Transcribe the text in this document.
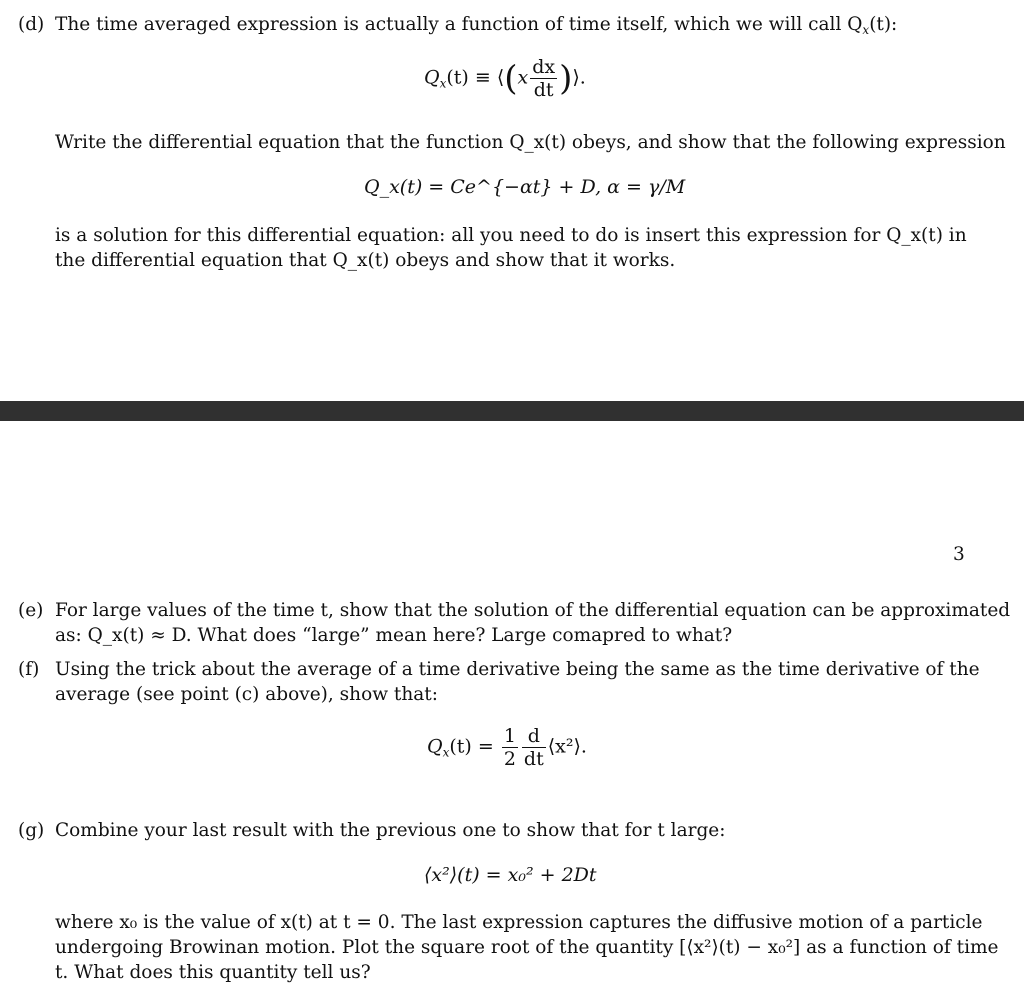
(d) The time averaged expression is actually a function of time itself, which we will call $Q_x(t)$:
$Q_x(t)$ ≡ ⟨(x $\frac{dx}{dt}$ )⟩.
Write the differential equation that the function Q_x(t) obeys, and show that the following expression
Q_x(t) = Ce^{−αt} + D, α = γ/M
is a solution for this differential equation: all you need to do is insert this expression for Q_x(t) in
the differential equation that Q_x(t) obeys and show that it works.
3
(e) For large values of the time t, show that the solution of the differential equation can be approximated
as: Q_x(t) ≈ D. What does “large” mean here? Large comapred to what?
(f) Using the trick about the average of a time derivative being the same as the time derivative of the
average (see point (c) above), show that:
$Q_x(t) = \frac{1}{2} \frac{d}{dt}$ ⟨x²⟩.
(g) Combine your last result with the previous one to show that for t large:
⟨x²⟩(t) = x₀² + 2Dt
where x₀ is the value of x(t) at t = 0. The last expression captures the diffusive motion of a particle
undergoing Browinan motion. Plot the square root of the quantity [⟨x²⟩(t) − x₀²] as a function of time
t. What does this quantity tell us?
